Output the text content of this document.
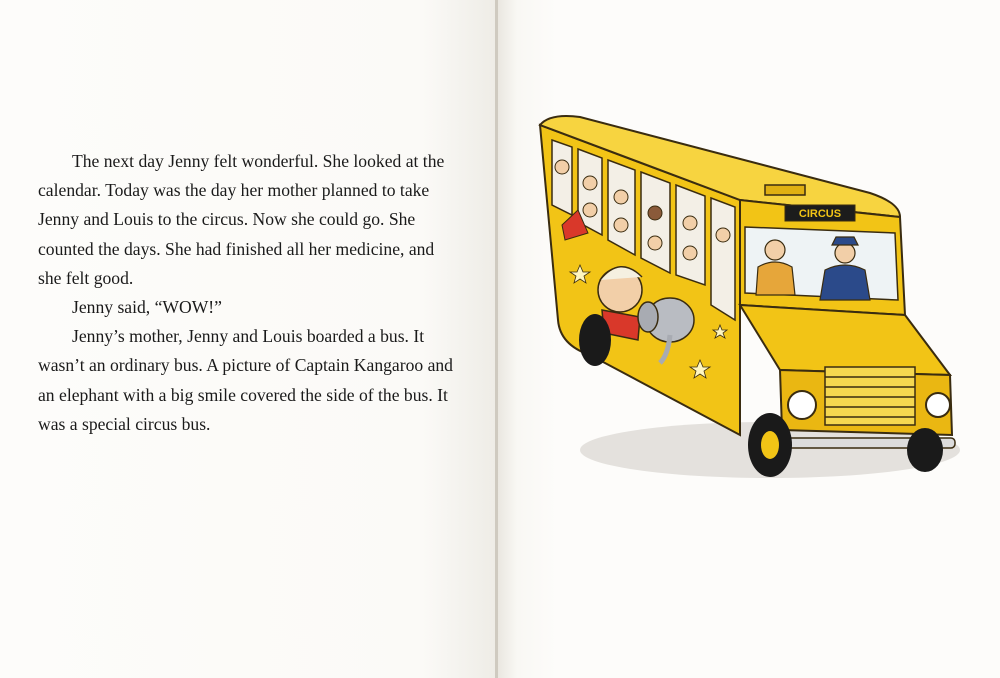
The next day Jenny felt wonderful. She looked at the calendar. Today was the day her mother planned to take Jenny and Louis to the circus. Now she could go. She counted the days. She had finished all her medicine, and she felt good.

Jenny said, “WOW!”

Jenny’s mother, Jenny and Louis boarded a bus. It wasn’t an ordinary bus. A picture of Captain Kangaroo and an elephant with a big smile covered the side of the bus. It was a special circus bus.

CIRCUS
